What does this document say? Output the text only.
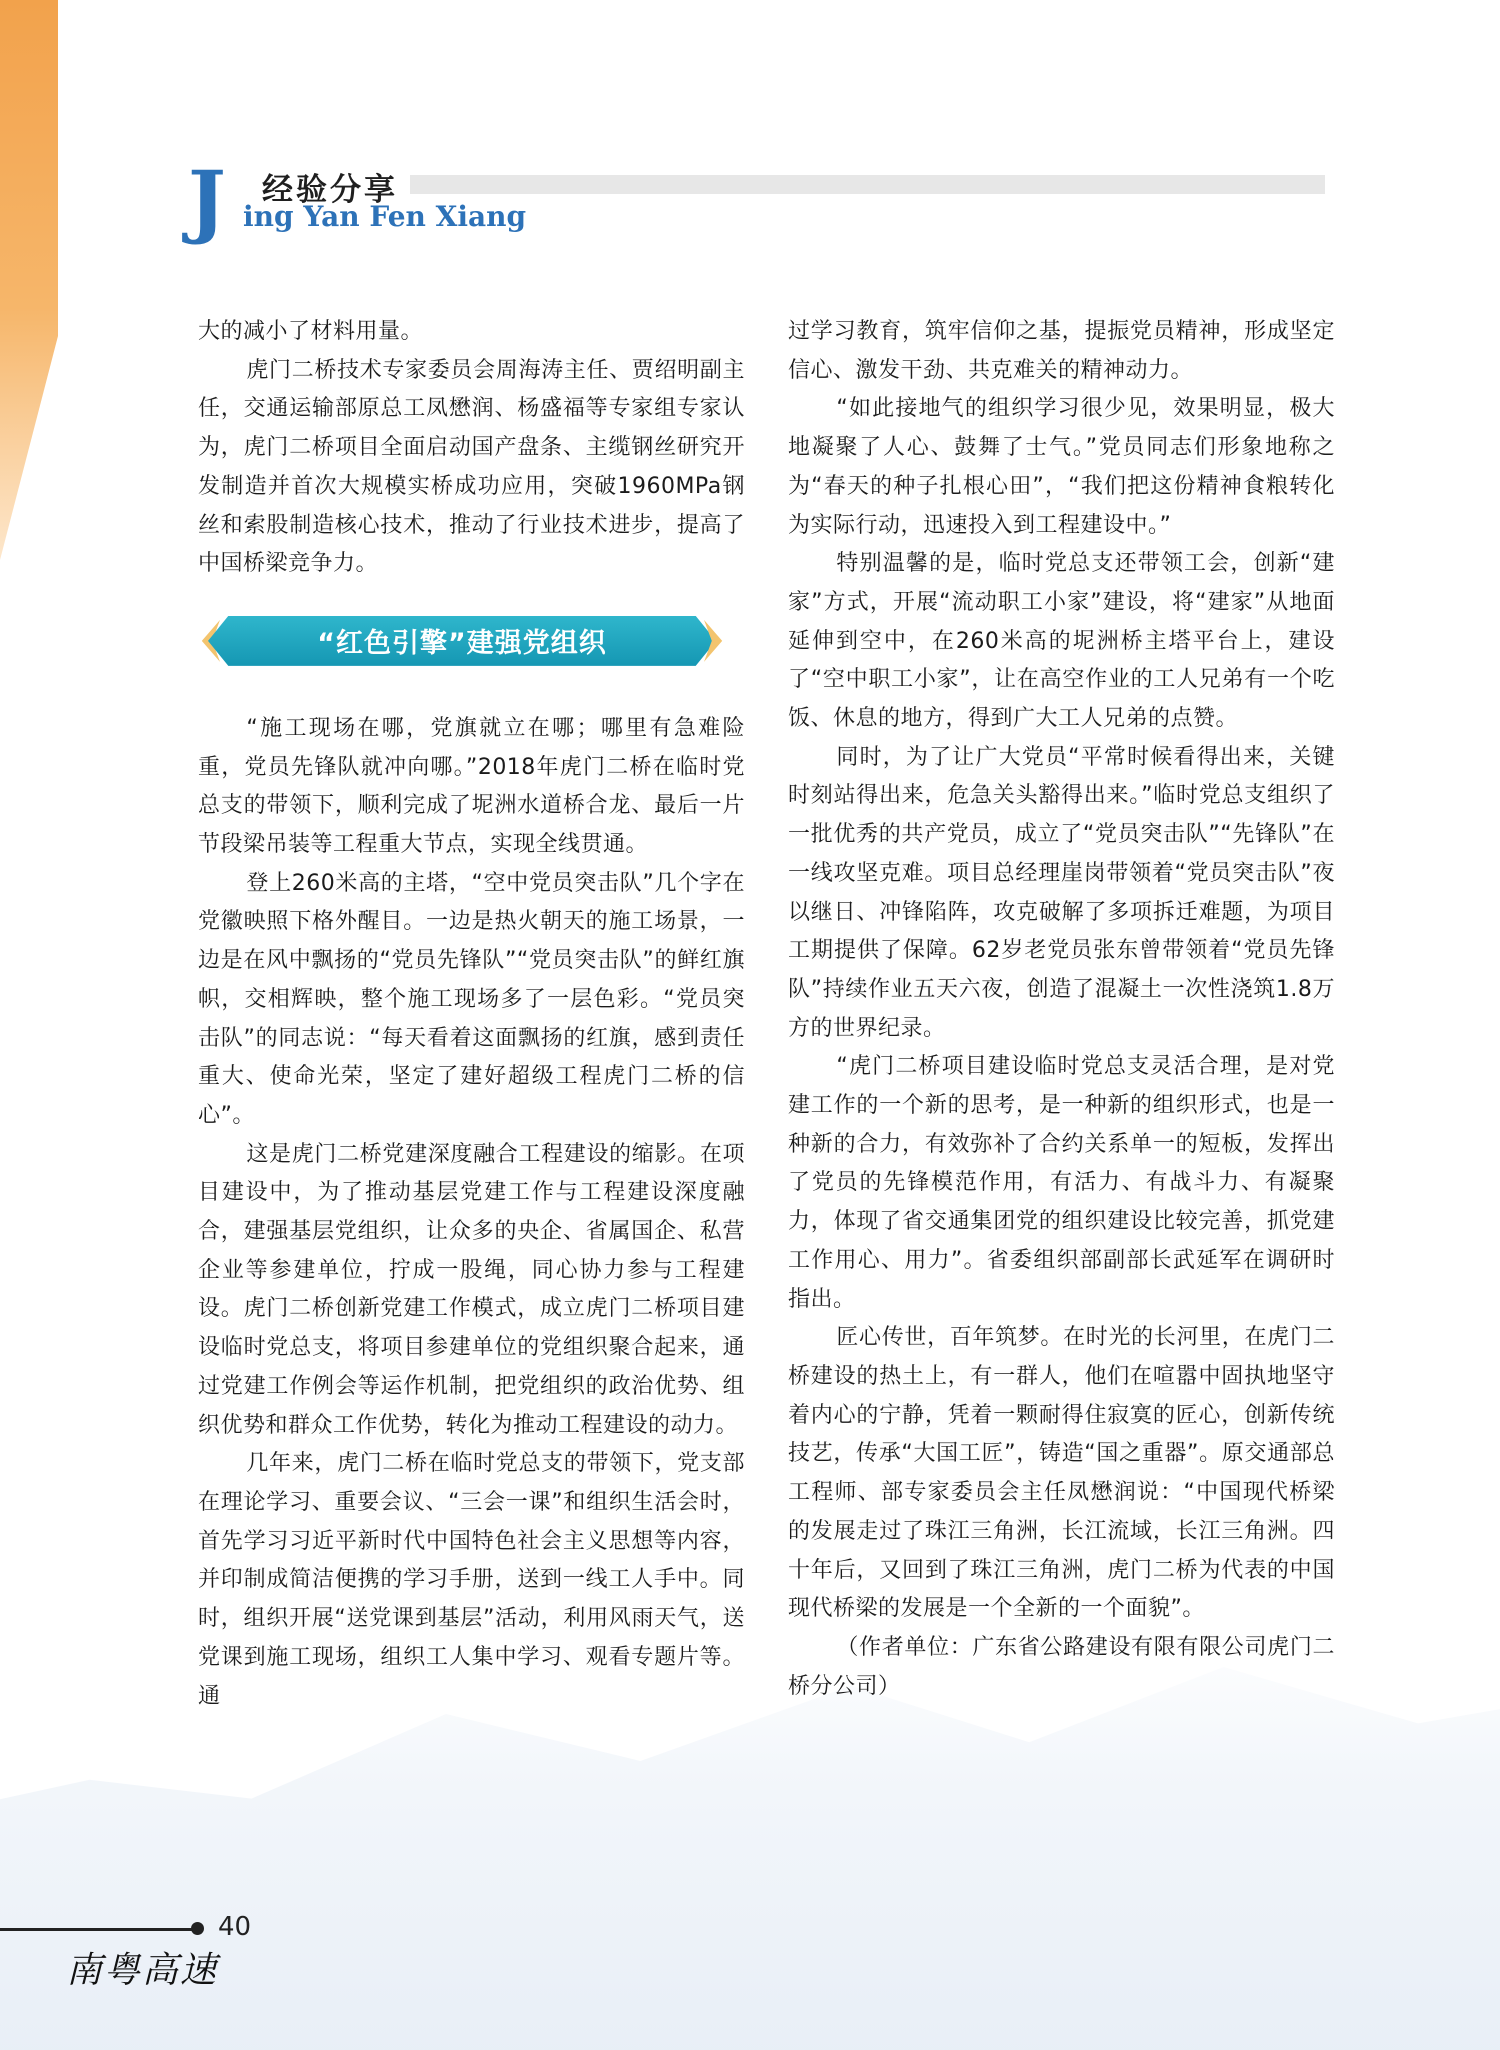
J 经验分享
ing Yan Fen Xiang

大的减小了材料用量。

虎门二桥技术专家委员会周海涛主任、贾绍明副主任，交通运输部原总工凤懋润、杨盛福等专家组专家认为，虎门二桥项目全面启动国产盘条、主缆钢丝研究开发制造并首次大规模实桥成功应用，突破1960MPa钢丝和索股制造核心技术，推动了行业技术进步，提高了中国桥梁竞争力。

“红色引擎”建强党组织

“施工现场在哪，党旗就立在哪；哪里有急难险重，党员先锋队就冲向哪。”2018年虎门二桥在临时党总支的带领下，顺利完成了坭洲水道桥合龙、最后一片节段梁吊装等工程重大节点，实现全线贯通。

登上260米高的主塔，“空中党员突击队”几个字在党徽映照下格外醒目。一边是热火朝天的施工场景，一边是在风中飘扬的“党员先锋队”“党员突击队”的鲜红旗帜，交相辉映，整个施工现场多了一层色彩。“党员突击队”的同志说：“每天看着这面飘扬的红旗，感到责任重大、使命光荣，坚定了建好超级工程虎门二桥的信心”。

这是虎门二桥党建深度融合工程建设的缩影。在项目建设中，为了推动基层党建工作与工程建设深度融合，建强基层党组织，让众多的央企、省属国企、私营企业等参建单位，拧成一股绳，同心协力参与工程建设。虎门二桥创新党建工作模式，成立虎门二桥项目建设临时党总支，将项目参建单位的党组织聚合起来，通过党建工作例会等运作机制，把党组织的政治优势、组织优势和群众工作优势，转化为推动工程建设的动力。

几年来，虎门二桥在临时党总支的带领下，党支部在理论学习、重要会议、“三会一课”和组织生活会时，首先学习习近平新时代中国特色社会主义思想等内容，并印制成简洁便携的学习手册，送到一线工人手中。同时，组织开展“送党课到基层”活动，利用风雨天气，送党课到施工现场，组织工人集中学习、观看专题片等。通

过学习教育，筑牢信仰之基，提振党员精神，形成坚定信心、激发干劲、共克难关的精神动力。

“如此接地气的组织学习很少见，效果明显，极大地凝聚了人心、鼓舞了士气。”党员同志们形象地称之为“春天的种子扎根心田”，“我们把这份精神食粮转化为实际行动，迅速投入到工程建设中。”

特别温馨的是，临时党总支还带领工会，创新“建家”方式，开展“流动职工小家”建设，将“建家”从地面延伸到空中，在260米高的坭洲桥主塔平台上，建设了“空中职工小家”，让在高空作业的工人兄弟有一个吃饭、休息的地方，得到广大工人兄弟的点赞。

同时，为了让广大党员“平常时候看得出来，关键时刻站得出来，危急关头豁得出来。”临时党总支组织了一批优秀的共产党员，成立了“党员突击队”“先锋队”在一线攻坚克难。项目总经理崖岗带领着“党员突击队”夜以继日、冲锋陷阵，攻克破解了多项拆迁难题，为项目工期提供了保障。62岁老党员张东曾带领着“党员先锋队”持续作业五天六夜，创造了混凝土一次性浇筑1.8万方的世界纪录。

“虎门二桥项目建设临时党总支灵活合理，是对党建工作的一个新的思考，是一种新的组织形式，也是一种新的合力，有效弥补了合约关系单一的短板，发挥出了党员的先锋模范作用，有活力、有战斗力、有凝聚力，体现了省交通集团党的组织建设比较完善，抓党建工作用心、用力”。省委组织部副部长武延军在调研时指出。

匠心传世，百年筑梦。在时光的长河里，在虎门二桥建设的热土上，有一群人，他们在喧嚣中固执地坚守着内心的宁静，凭着一颗耐得住寂寞的匠心，创新传统技艺，传承“大国工匠”，铸造“国之重器”。原交通部总工程师、部专家委员会主任凤懋润说：“中国现代桥梁的发展走过了珠江三角洲，长江流域，长江三角洲。四十年后，又回到了珠江三角洲，虎门二桥为代表的中国现代桥梁的发展是一个全新的一个面貌”。

（作者单位：广东省公路建设有限有限公司虎门二桥分公司）

40
南粤高速
